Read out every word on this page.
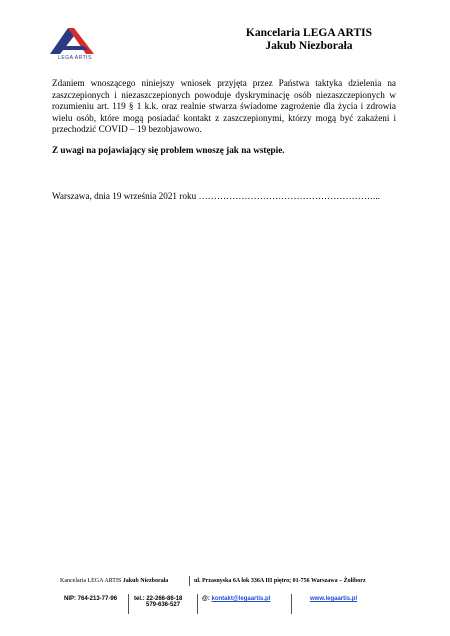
LEGA ARTIS
Kancelaria LEGA ARTIS
Jakub Niezborała
Zdaniem wnoszącego niniejszy wniosek przyjęta przez Państwa taktyka dzielenia na zaszczepionych i niezaszczepionych powoduje dyskryminację osób niezaszczepionych w rozumieniu art. 119 § 1 k.k. oraz realnie stwarza świadome zagrożenie dla życia i zdrowia wielu osób, które mogą posiadać kontakt z zaszczepionymi, którzy mogą być zakażeni i przechodzić COVID – 19 bezobjawowo.
Z uwagi na pojawiający się problem wnoszę jak na wstępie.
Warszawa, dnia 19 września 2021 roku …………………………………………………...
Kancelaria LEGA ARTIS Jakub Niezborała	ul. Przasnyska 6A lok 336A III piętro; 01-756 Warszawa – Żoliborz
NIP: 764-213-77-96	tel.: 22-266-86-18
579-636-527
@: kontakt@legaartis.pl	www.legaartis.pl
